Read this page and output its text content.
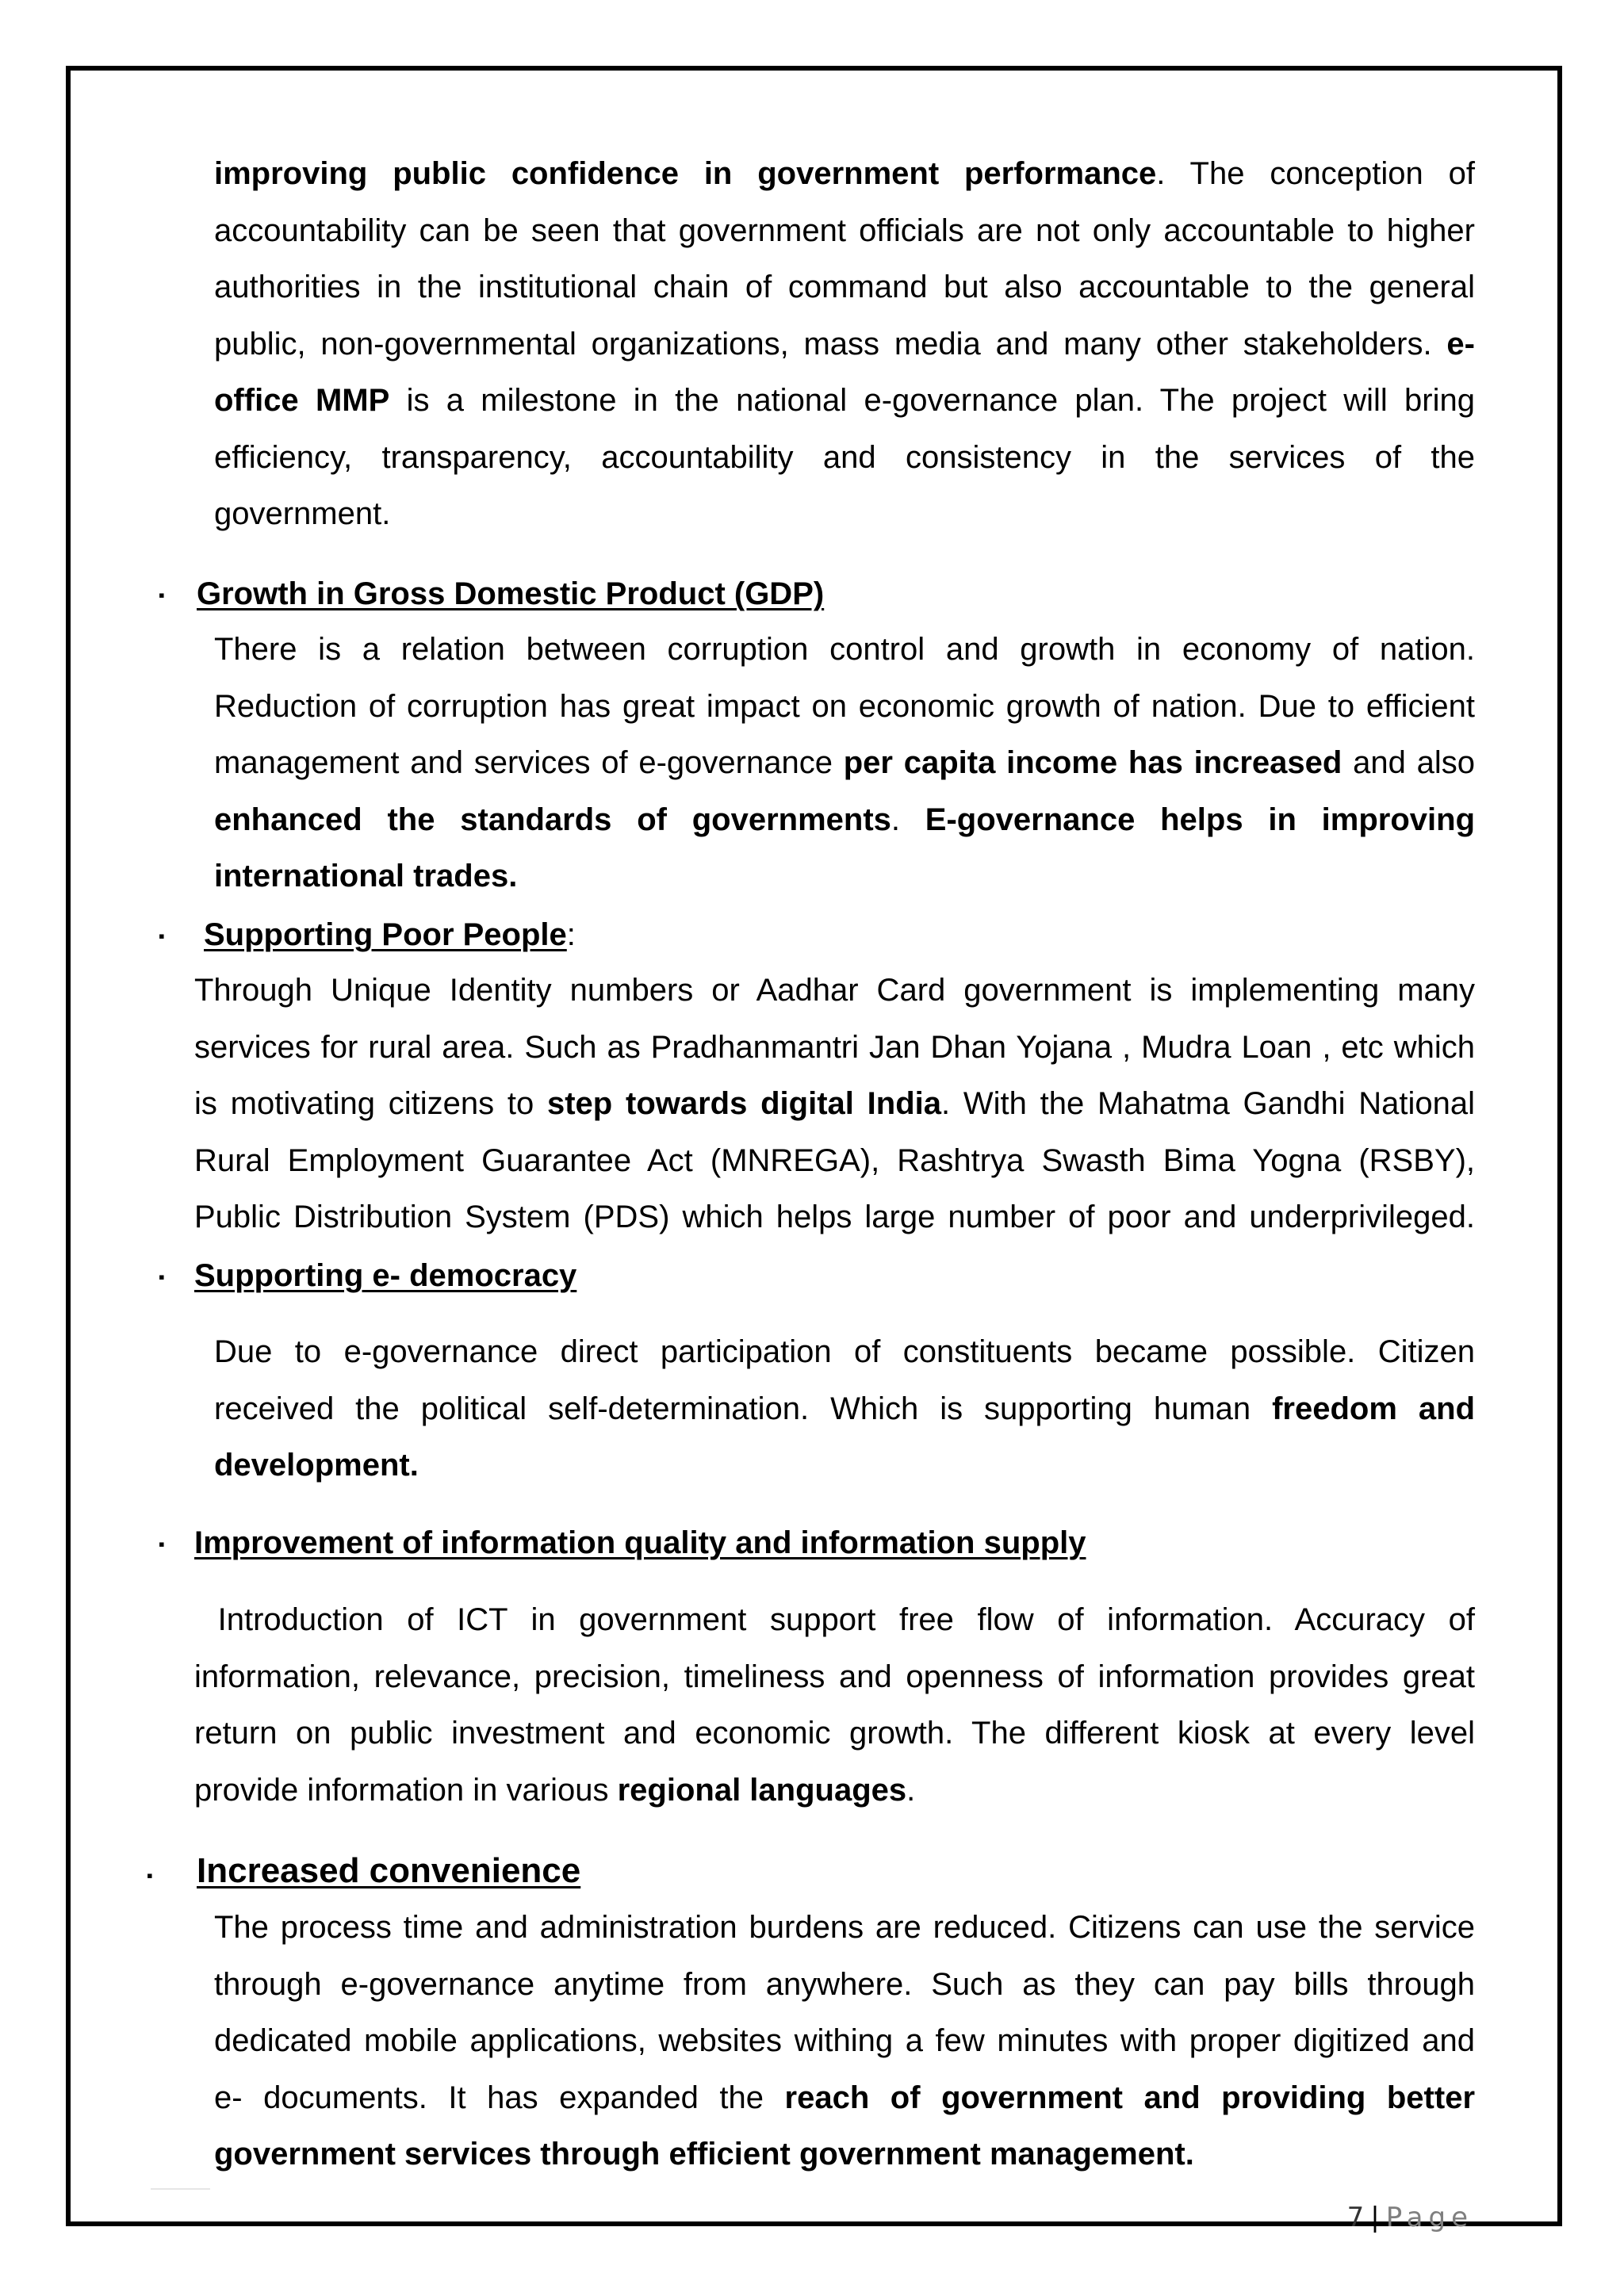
improving public confidence in government performance. The conception of
accountability can be seen that government officials are not only accountable to higher
authorities in the institutional chain of command but also accountable to the general
public, non-governmental organizations, mass media and many other stakeholders. e-
office MMP is a milestone in the national e-governance plan. The project will bring
efficiency, transparency, accountability and consistency in the services of the
government.
▪ Growth in Gross Domestic Product (GDP)
There is a relation between corruption control and growth in economy of nation.
Reduction of corruption has great impact on economic growth of nation. Due to efficient
management and services of e-governance per capita income has increased and also
enhanced the standards of governments. E-governance helps in improving
international trades.
▪ Supporting Poor People:
Through Unique Identity numbers or Aadhar Card government is implementing many
services for rural area. Such as Pradhanmantri Jan Dhan Yojana , Mudra Loan , etc which
is motivating citizens to step towards digital India. With the Mahatma Gandhi National
Rural Employment Guarantee Act (MNREGA), Rashtrya Swasth Bima Yogna (RSBY),
Public Distribution System (PDS) which helps large number of poor and underprivileged.
▪ Supporting e- democracy
Due to e-governance direct participation of constituents became possible. Citizen
received the political self-determination. Which is supporting human freedom and
development.
▪ Improvement of information quality and information supply
Introduction of ICT in government support free flow of information. Accuracy of
information, relevance, precision, timeliness and openness of information provides great
return on public investment and economic growth. The different kiosk at every level
provide information in various regional languages.
▪ Increased convenience
The process time and administration burdens are reduced. Citizens can use the service
through e-governance anytime from anywhere. Such as they can pay bills through
dedicated mobile applications, websites withing a few minutes with proper digitized and
e- documents. It has expanded the reach of government and providing better
government services through efficient government management.
7 | Page
